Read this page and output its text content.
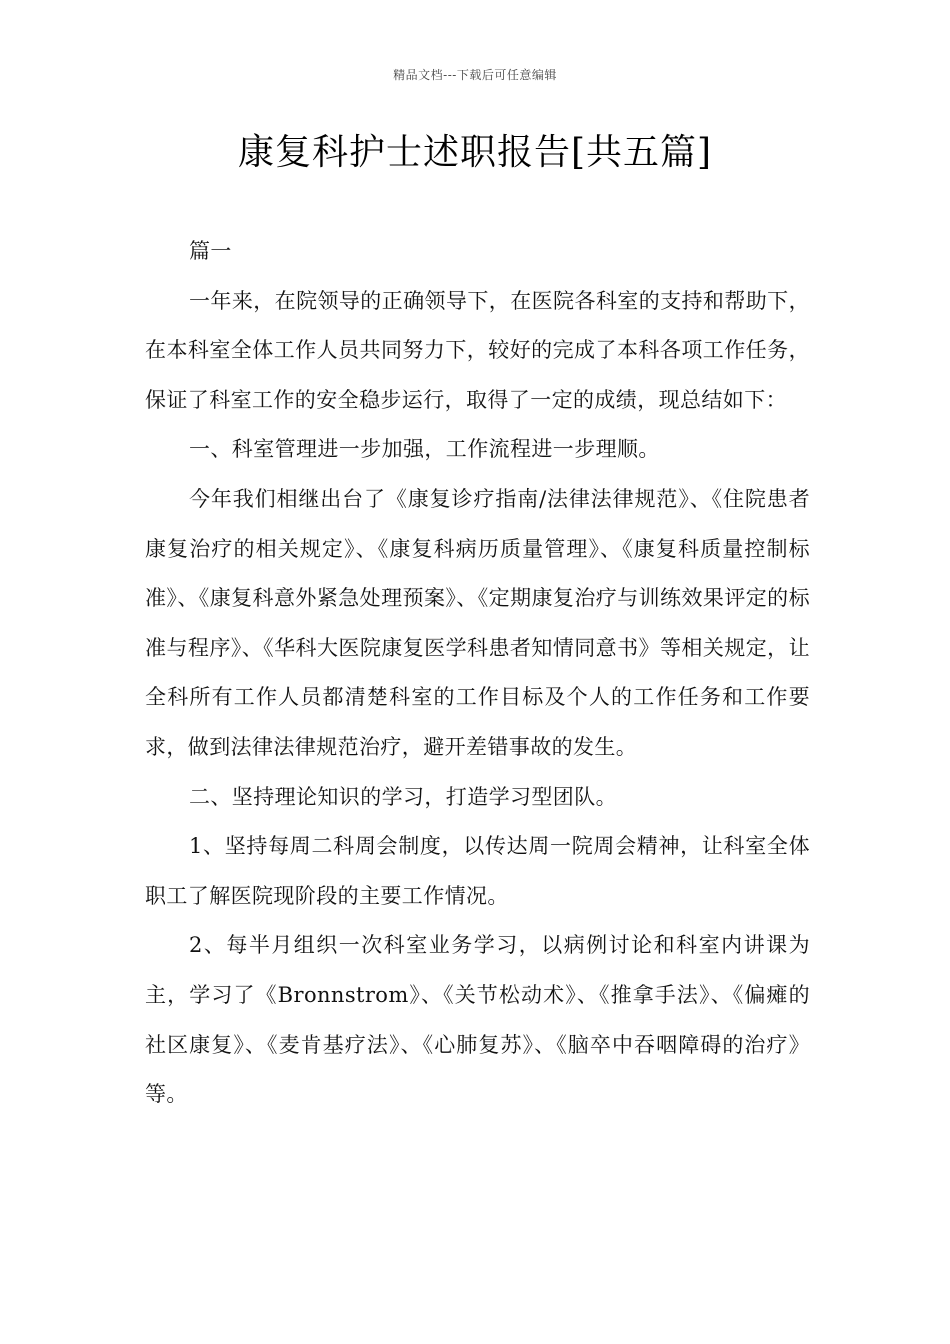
精品文档---下载后可任意编辑
康复科护士述职报告[共五篇]

篇一

一年来，在院领导的正确领导下，在医院各科室的支持和帮助下，在本科室全体工作人员共同努力下，较好的完成了本科各项工作任务，保证了科室工作的安全稳步运行，取得了一定的成绩，现总结如下：

一、科室管理进一步加强，工作流程进一步理顺。

今年我们相继出台了《康复诊疗指南/法律法律规范》、《住院患者康复治疗的相关规定》、《康复科病历质量管理》、《康复科质量控制标准》、《康复科意外紧急处理预案》、《定期康复治疗与训练效果评定的标准与程序》、《华科大医院康复医学科患者知情同意书》等相关规定，让全科所有工作人员都清楚科室的工作目标及个人的工作任务和工作要求，做到法律法律规范治疗，避开差错事故的发生。

二、坚持理论知识的学习，打造学习型团队。

1、坚持每周二科周会制度，以传达周一院周会精神，让科室全体职工了解医院现阶段的主要工作情况。

2、每半月组织一次科室业务学习，以病例讨论和科室内讲课为主，学习了《Bronnstrom》、《关节松动术》、《推拿手法》、《偏瘫的社区康复》、《麦肯基疗法》、《心肺复苏》、《脑卒中吞咽障碍的治疗》等。
